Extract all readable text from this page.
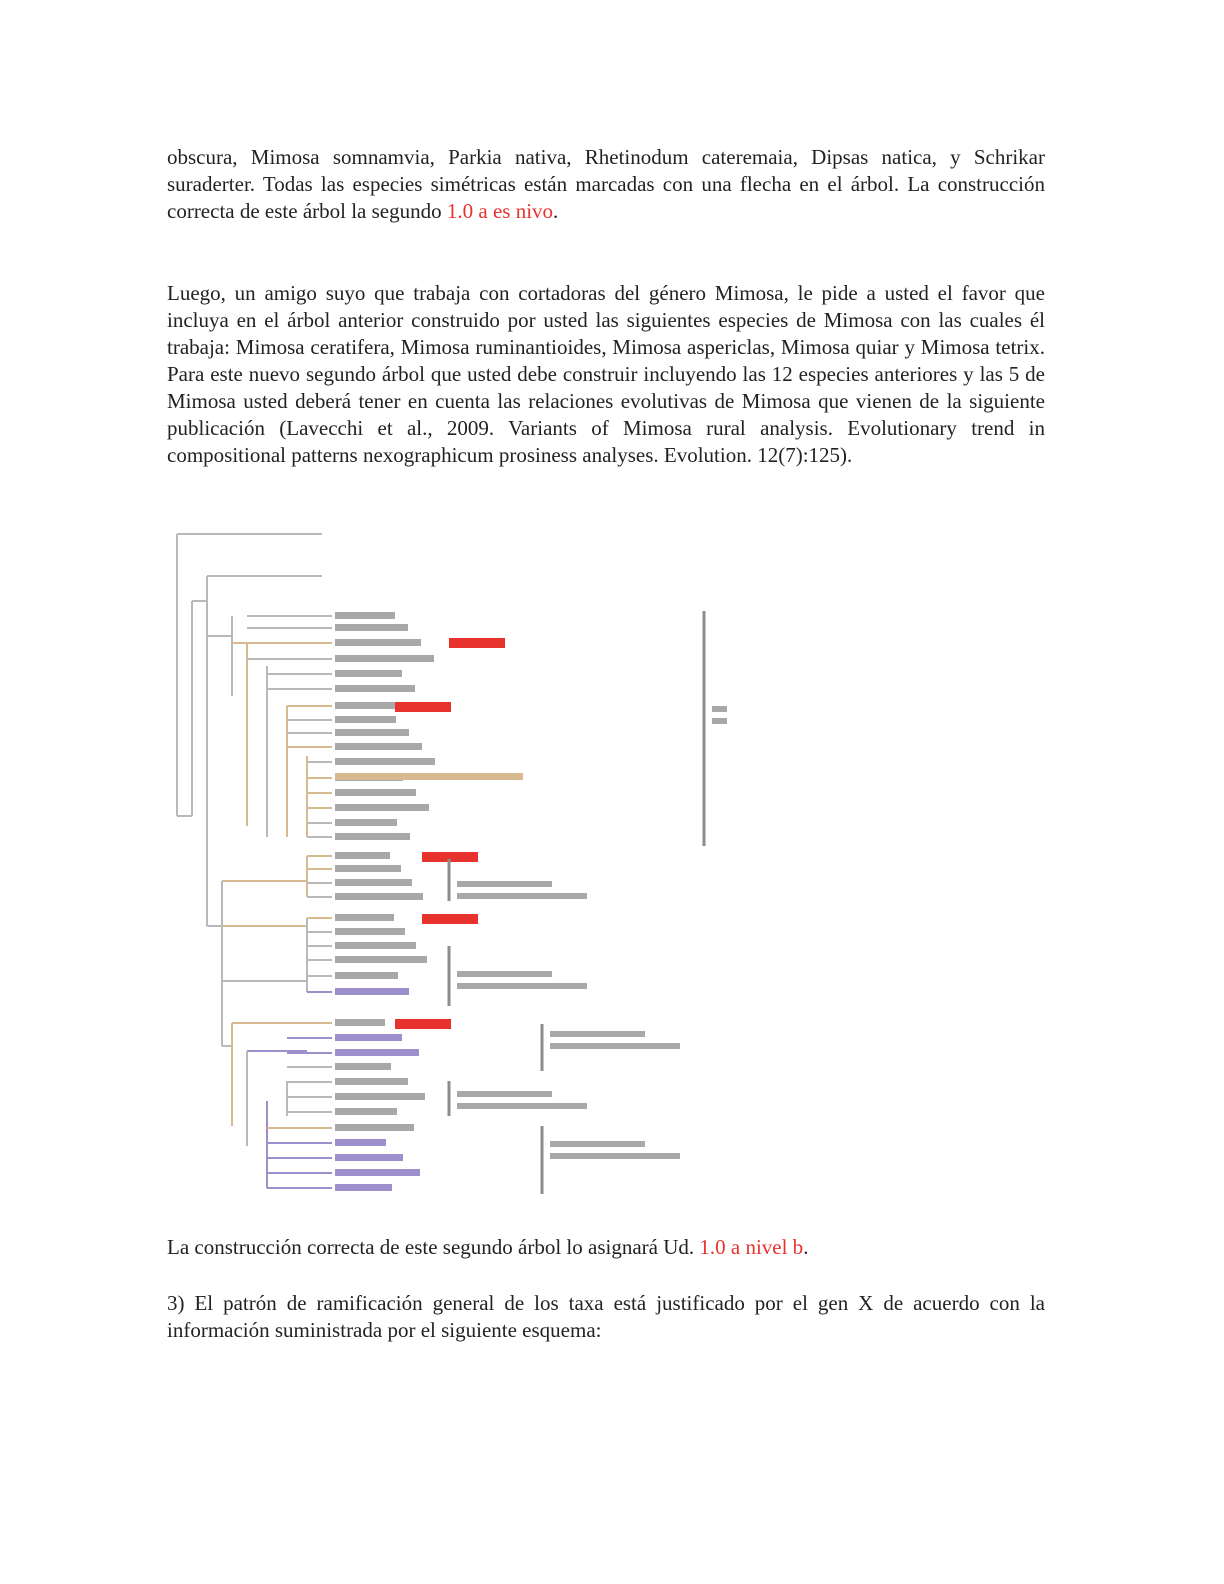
obscura, Mimosa somnamvia, Parkia nativa, Rhetinodum cateremaia, Dipsas natica, y Schrikar suraderter. Todas las especies simétricas están marcadas con una flecha en el árbol. La construcción correcta de este árbol la segundo 1.0 a es nivo.

Luego, un amigo suyo que trabaja con cortadoras del género Mimosa, le pide a usted el favor que incluya en el árbol anterior construido por usted las siguientes especies de Mimosa con las cuales él trabaja: Mimosa ceratifera, Mimosa ruminantioides, Mimosa aspericlas, Mimosa quiar y Mimosa tetrix. Para este nuevo segundo árbol que usted debe construir incluyendo las 12 especies anteriores y las 5 de Mimosa usted deberá tener en cuenta las relaciones evolutivas de Mimosa que vienen de la siguiente publicación (Lavecchi et al., 2009. Variants of Mimosa rural analysis. Evolutionary trend in compositional patterns nexographicum prosiness analyses. Evolution. 12(7):125).

La construcción correcta de este segundo árbol lo asignará Ud. 1.0 a nivel b.

3) El patrón de ramificación general de los taxa está justificado por el gen X de acuerdo con la información suministrada por el siguiente esquema:
